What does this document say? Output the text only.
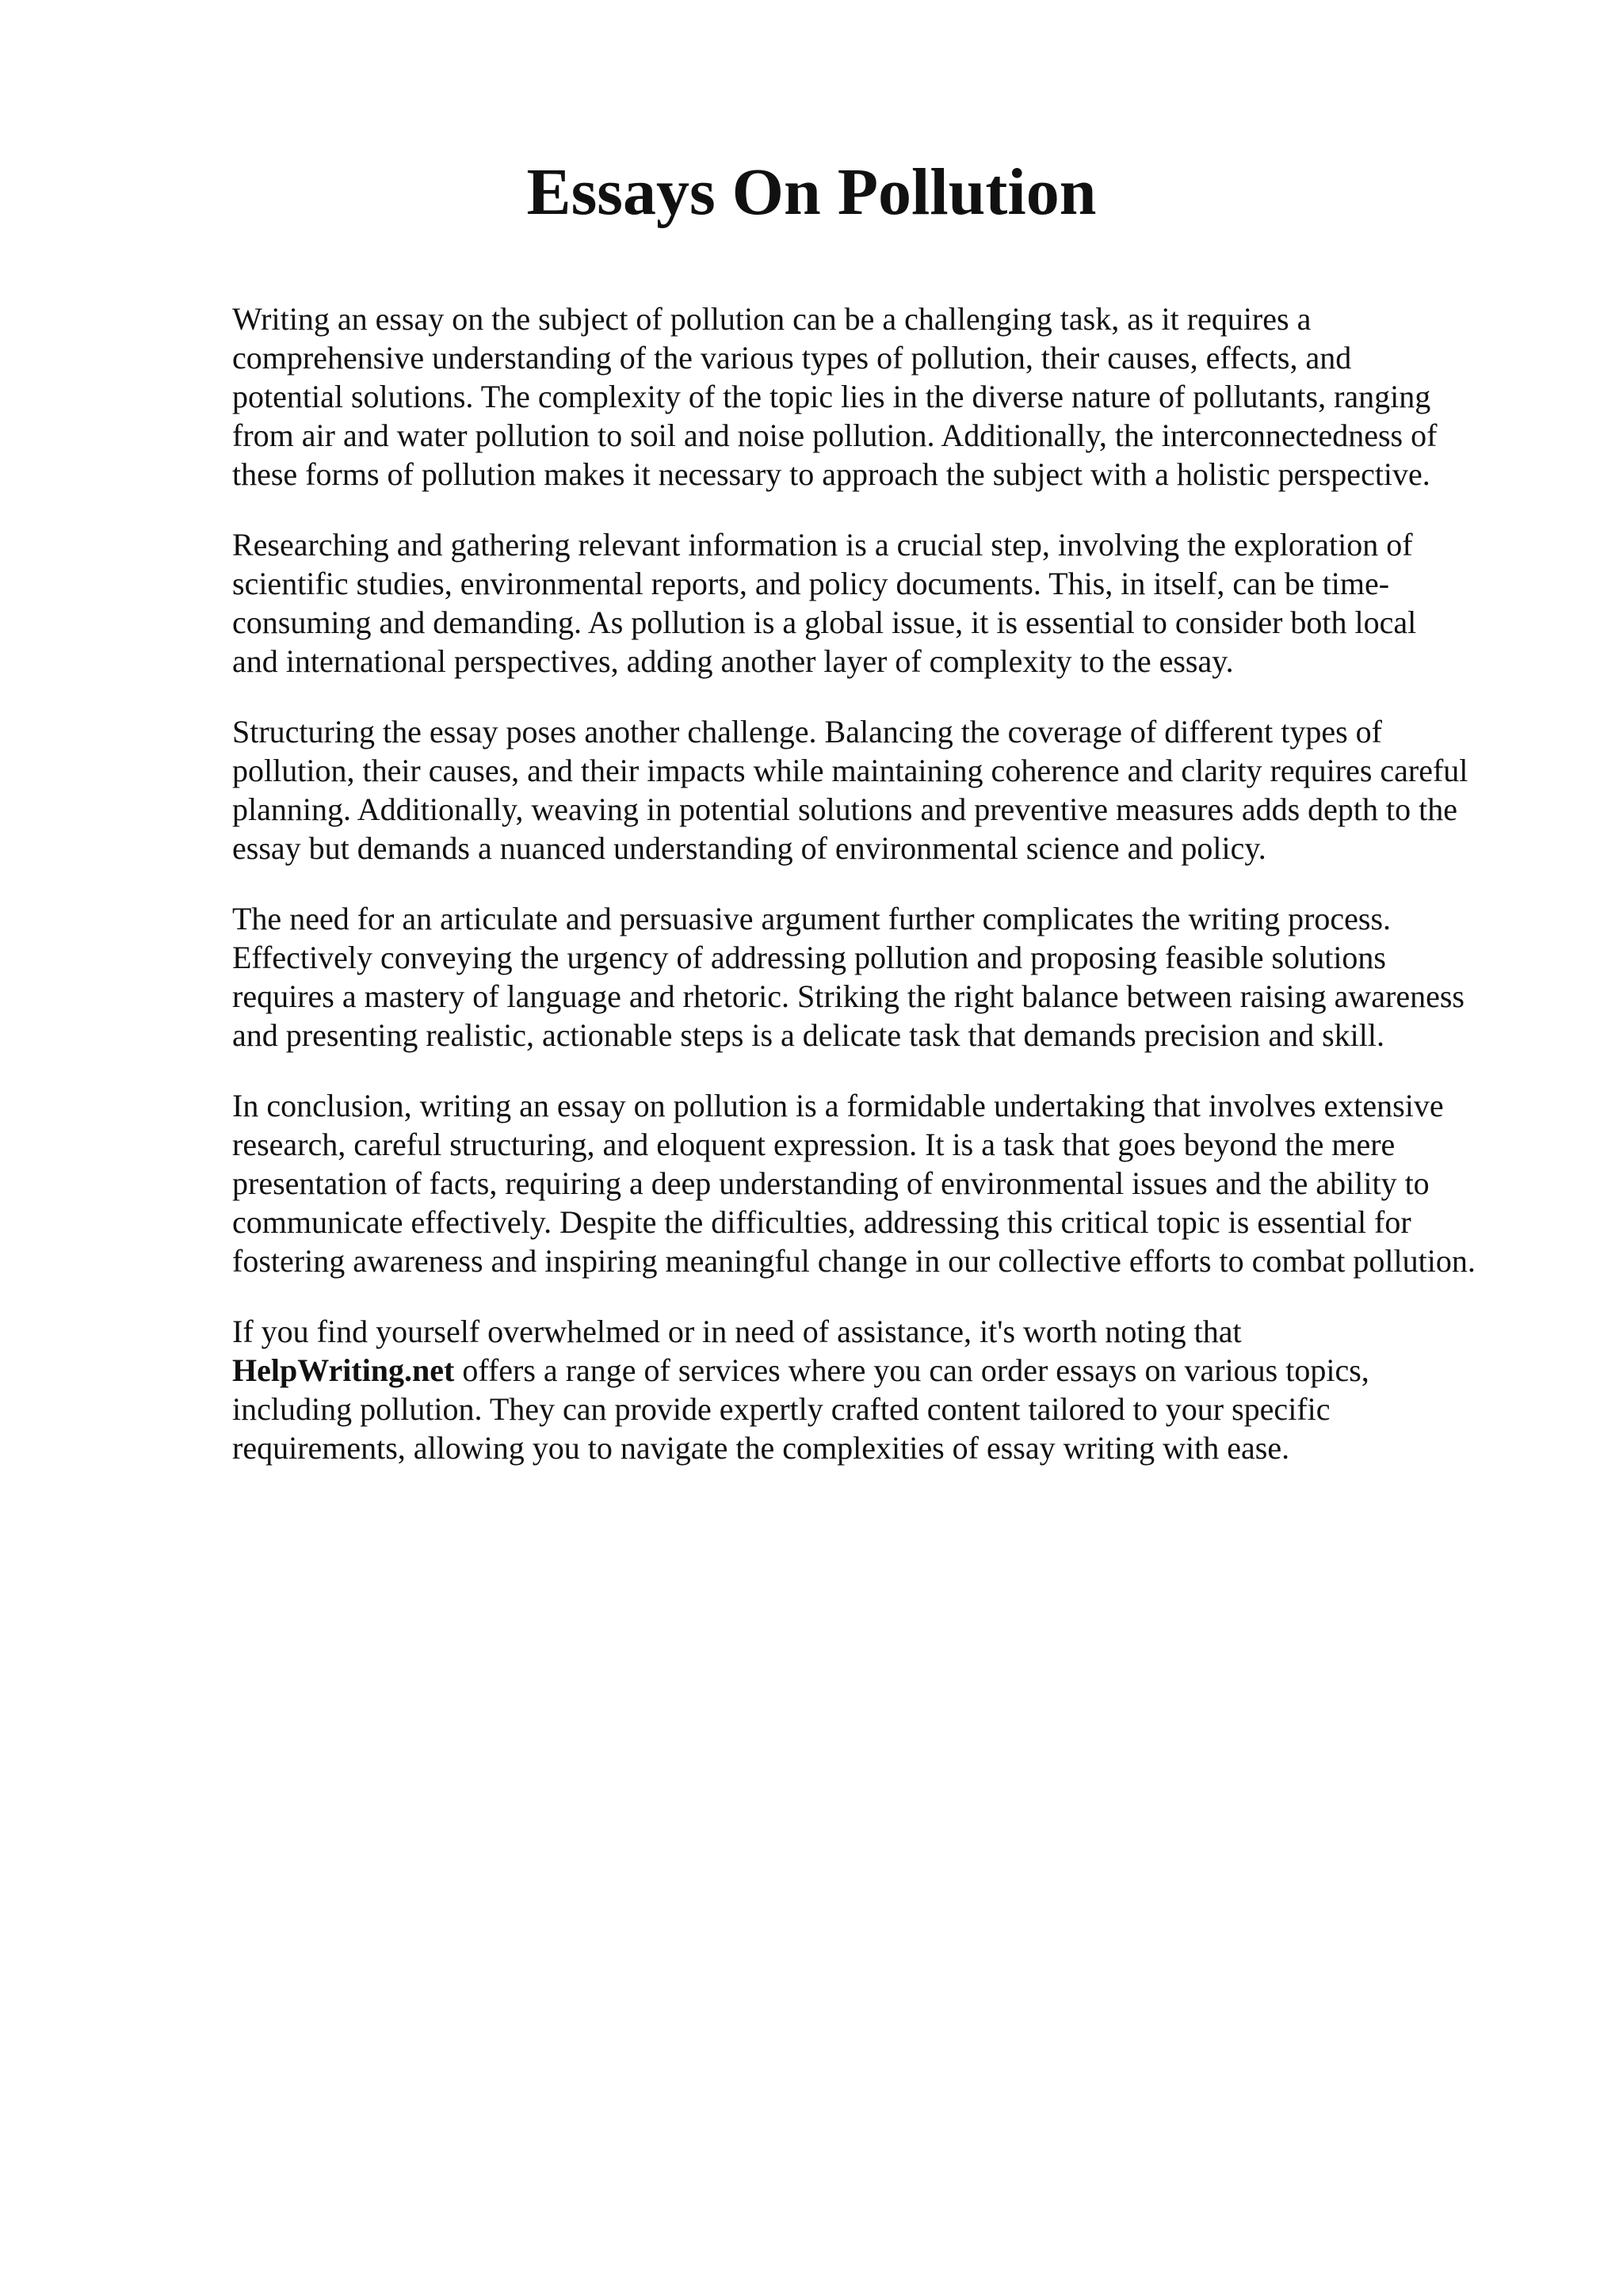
Essays On Pollution

Writing an essay on the subject of pollution can be a challenging task, as it requires a
comprehensive understanding of the various types of pollution, their causes, effects, and
potential solutions. The complexity of the topic lies in the diverse nature of pollutants, ranging
from air and water pollution to soil and noise pollution. Additionally, the interconnectedness of
these forms of pollution makes it necessary to approach the subject with a holistic perspective.

Researching and gathering relevant information is a crucial step, involving the exploration of
scientific studies, environmental reports, and policy documents. This, in itself, can be time-
consuming and demanding. As pollution is a global issue, it is essential to consider both local
and international perspectives, adding another layer of complexity to the essay.

Structuring the essay poses another challenge. Balancing the coverage of different types of
pollution, their causes, and their impacts while maintaining coherence and clarity requires careful
planning. Additionally, weaving in potential solutions and preventive measures adds depth to the
essay but demands a nuanced understanding of environmental science and policy.

The need for an articulate and persuasive argument further complicates the writing process.
Effectively conveying the urgency of addressing pollution and proposing feasible solutions
requires a mastery of language and rhetoric. Striking the right balance between raising awareness
and presenting realistic, actionable steps is a delicate task that demands precision and skill.

In conclusion, writing an essay on pollution is a formidable undertaking that involves extensive
research, careful structuring, and eloquent expression. It is a task that goes beyond the mere
presentation of facts, requiring a deep understanding of environmental issues and the ability to
communicate effectively. Despite the difficulties, addressing this critical topic is essential for
fostering awareness and inspiring meaningful change in our collective efforts to combat pollution.

If you find yourself overwhelmed or in need of assistance, it's worth noting that
HelpWriting.net offers a range of services where you can order essays on various topics,
including pollution. They can provide expertly crafted content tailored to your specific
requirements, allowing you to navigate the complexities of essay writing with ease.
